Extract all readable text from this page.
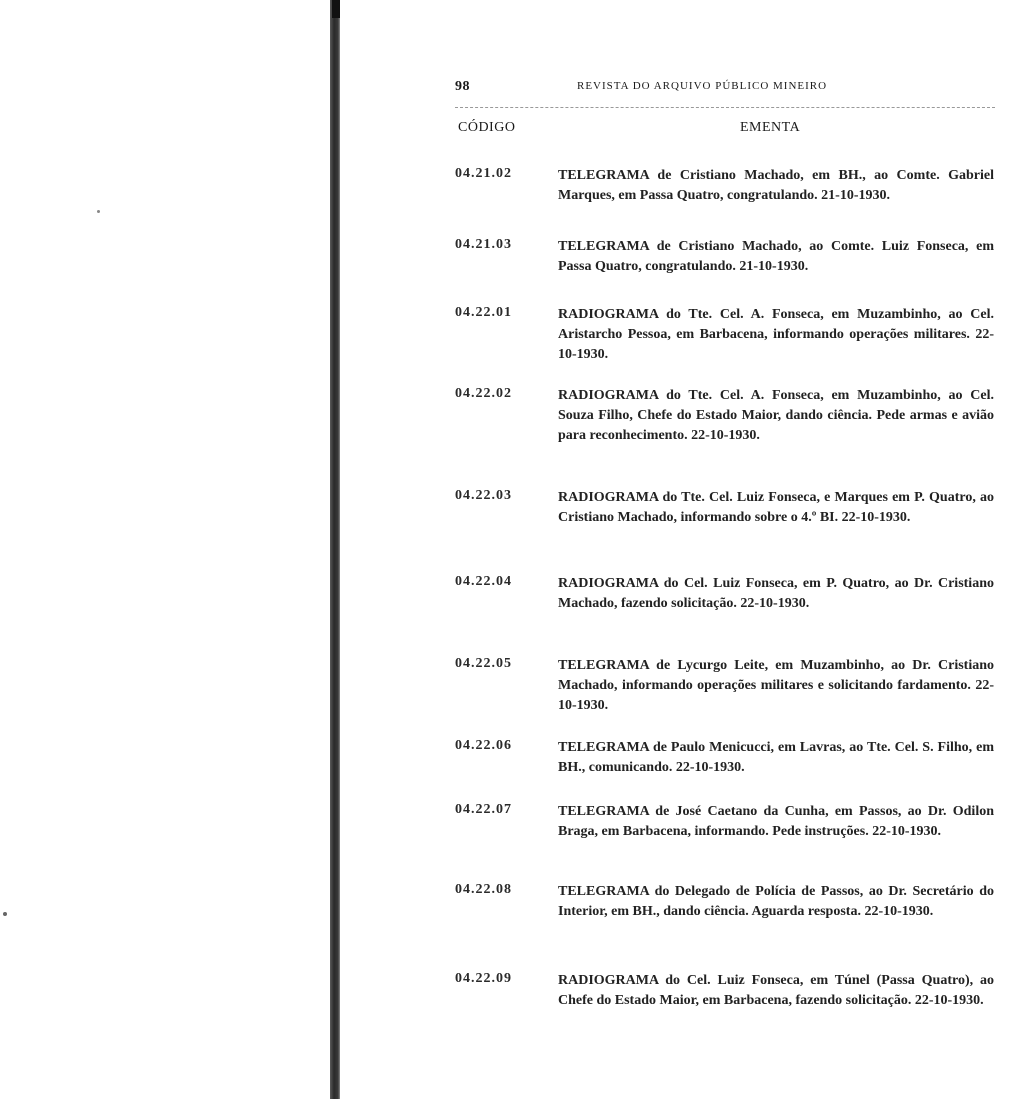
98	REVISTA DO ARQUIVO PÚBLICO MINEIRO
CÓDIGO	EMENTA
04.21.02	TELEGRAMA de Cristiano Machado, em BH., ao Comte. Gabriel Marques, em Passa Quatro, congratulando. 21-10-1930.
04.21.03	TELEGRAMA de Cristiano Machado, ao Comte. Luiz Fonseca, em Passa Quatro, congratulando. 21-10-1930.
04.22.01	RADIOGRAMA do Tte. Cel. A. Fonseca, em Muzambinho, ao Cel. Aristarcho Pessoa, em Barbacena, informando operações militares. 22-10-1930.
04.22.02	RADIOGRAMA do Tte. Cel. A. Fonseca, em Muzambinho, ao Cel. Souza Filho, Chefe do Estado Maior, dando ciência. Pede armas e avião para reconhecimento. 22-10-1930.
04.22.03	RADIOGRAMA do Tte. Cel. Luiz Fonseca, e Marques em P. Quatro, ao Cristiano Machado, informando sobre o 4.º BI. 22-10-1930.
04.22.04	RADIOGRAMA do Cel. Luiz Fonseca, em P. Quatro, ao Dr. Cristiano Machado, fazendo solicitação. 22-10-1930.
04.22.05	TELEGRAMA de Lycurgo Leite, em Muzambinho, ao Dr. Cristiano Machado, informando operações militares e solicitando fardamento. 22-10-1930.
04.22.06	TELEGRAMA de Paulo Menicucci, em Lavras, ao Tte. Cel. S. Filho, em BH., comunicando. 22-10-1930.
04.22.07	TELEGRAMA de José Caetano da Cunha, em Passos, ao Dr. Odilon Braga, em Barbacena, informando. Pede instruções. 22-10-1930.
04.22.08	TELEGRAMA do Delegado de Polícia de Passos, ao Dr. Secretário do Interior, em BH., dando ciência. Aguarda resposta. 22-10-1930.
04.22.09	RADIOGRAMA do Cel. Luiz Fonseca, em Túnel (Passa Quatro), ao Chefe do Estado Maior, em Barbacena, fazendo solicitação. 22-10-1930.
